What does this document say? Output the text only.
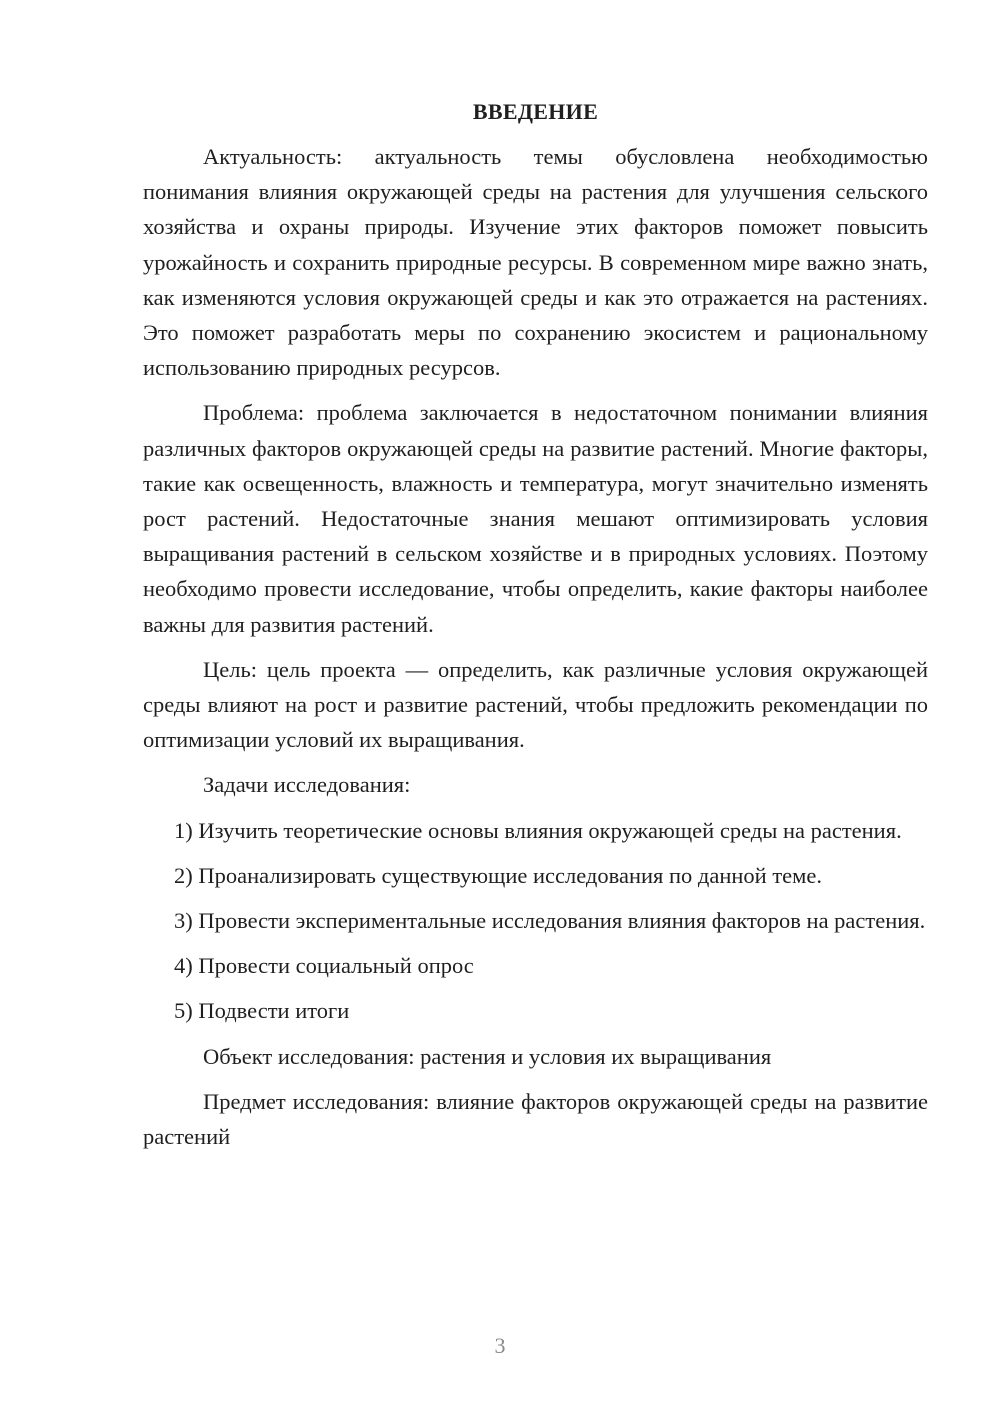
ВВЕДЕНИЕ

Актуальность: актуальность темы обусловлена необходимостью понимания влияния окружающей среды на растения для улучшения сельского хозяйства и охраны природы. Изучение этих факторов поможет повысить урожайность и сохранить природные ресурсы. В современном мире важно знать, как изменяются условия окружающей среды и как это отражается на растениях. Это поможет разработать меры по сохранению экосистем и рациональному использованию природных ресурсов.

Проблема: проблема заключается в недостаточном понимании влияния различных факторов окружающей среды на развитие растений. Многие факторы, такие как освещенность, влажность и температура, могут значительно изменять рост растений. Недостаточные знания мешают оптимизировать условия выращивания растений в сельском хозяйстве и в природных условиях. Поэтому необходимо провести исследование, чтобы определить, какие факторы наиболее важны для развития растений.

Цель: цель проекта — определить, как различные условия окружающей среды влияют на рост и развитие растений, чтобы предложить рекомендации по оптимизации условий их выращивания.

Задачи исследования:

1) Изучить теоретические основы влияния окружающей среды на растения.

2) Проанализировать существующие исследования по данной теме.

3) Провести экспериментальные исследования влияния факторов на растения.

4) Провести социальный опрос

5) Подвести итоги

Объект исследования: растения и условия их выращивания

Предмет исследования: влияние факторов окружающей среды на развитие растений

3
